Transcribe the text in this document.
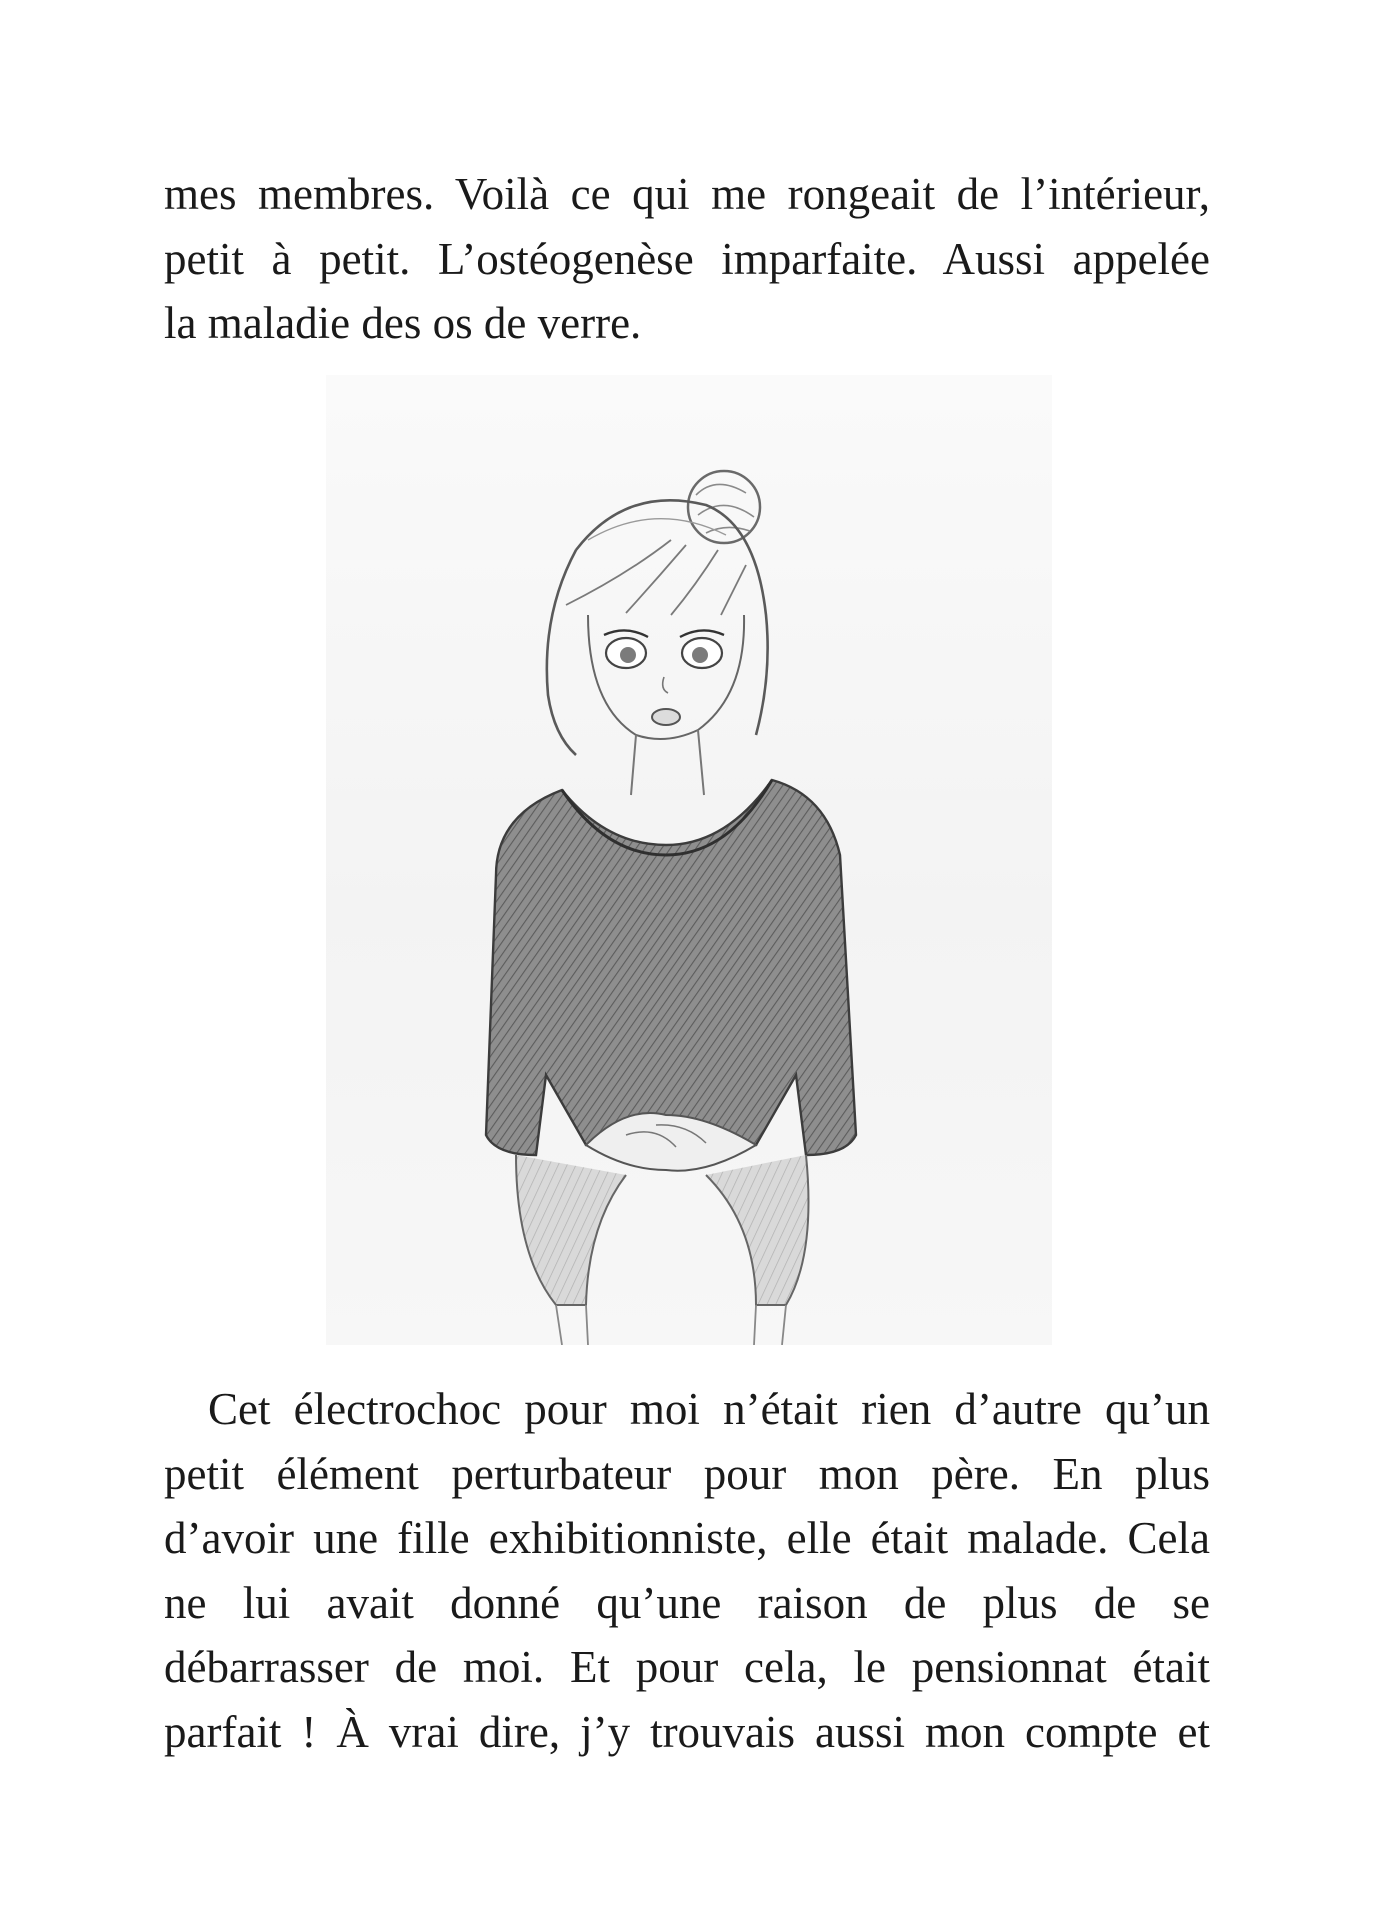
mes membres. Voilà ce qui me rongeait de l’intérieur,
petit à petit. L’ostéogenèse imparfaite. Aussi appelée
la maladie des os de verre.
Cet électrochoc pour moi n’était rien d’autre qu’un
petit élément perturbateur pour mon père. En plus
d’avoir une fille exhibitionniste, elle était malade. Cela
ne lui avait donné qu’une raison de plus de se
débarrasser de moi. Et pour cela, le pensionnat était
parfait ! À vrai dire, j’y trouvais aussi mon compte et
